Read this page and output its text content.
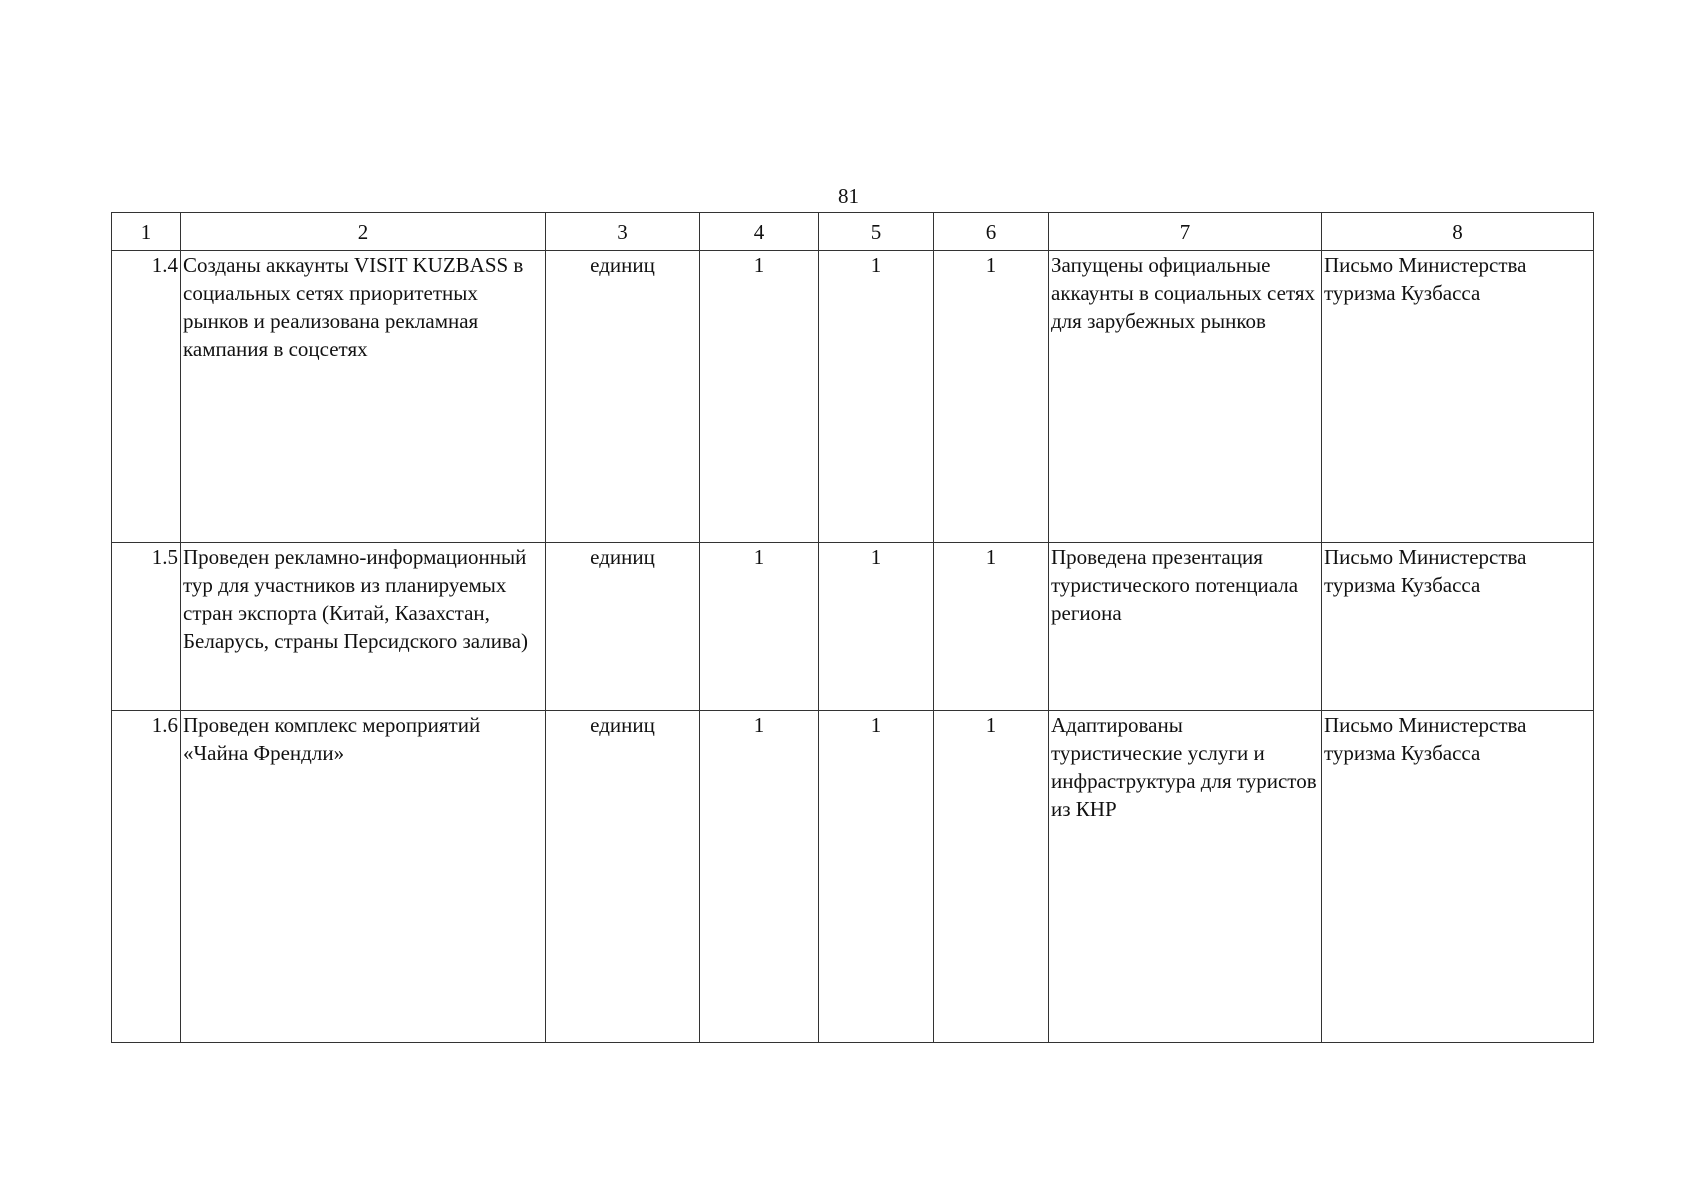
81
1	2	3	4	5	6	7	8
1.4	Созданы аккаунты VISIT KUZBASS в социальных сетях приоритетных рынков и реализована рекламная кампания в соцсетях	единиц	1	1	1	Запущены официальные аккаунты в социальных сетях для зарубежных рынков	Письмо Министерства туризма Кузбасса
1.5	Проведен рекламно-информационный тур для участников из планируемых стран экспорта (Китай, Казахстан, Беларусь, страны Персидского залива)	единиц	1	1	1	Проведена презентация туристического потенциала региона	Письмо Министерства туризма Кузбасса
1.6	Проведен комплекс мероприятий «Чайна Френдли»	единиц	1	1	1	Адаптированы туристические услуги и инфраструктура для туристов из КНР	Письмо Министерства туризма Кузбасса
